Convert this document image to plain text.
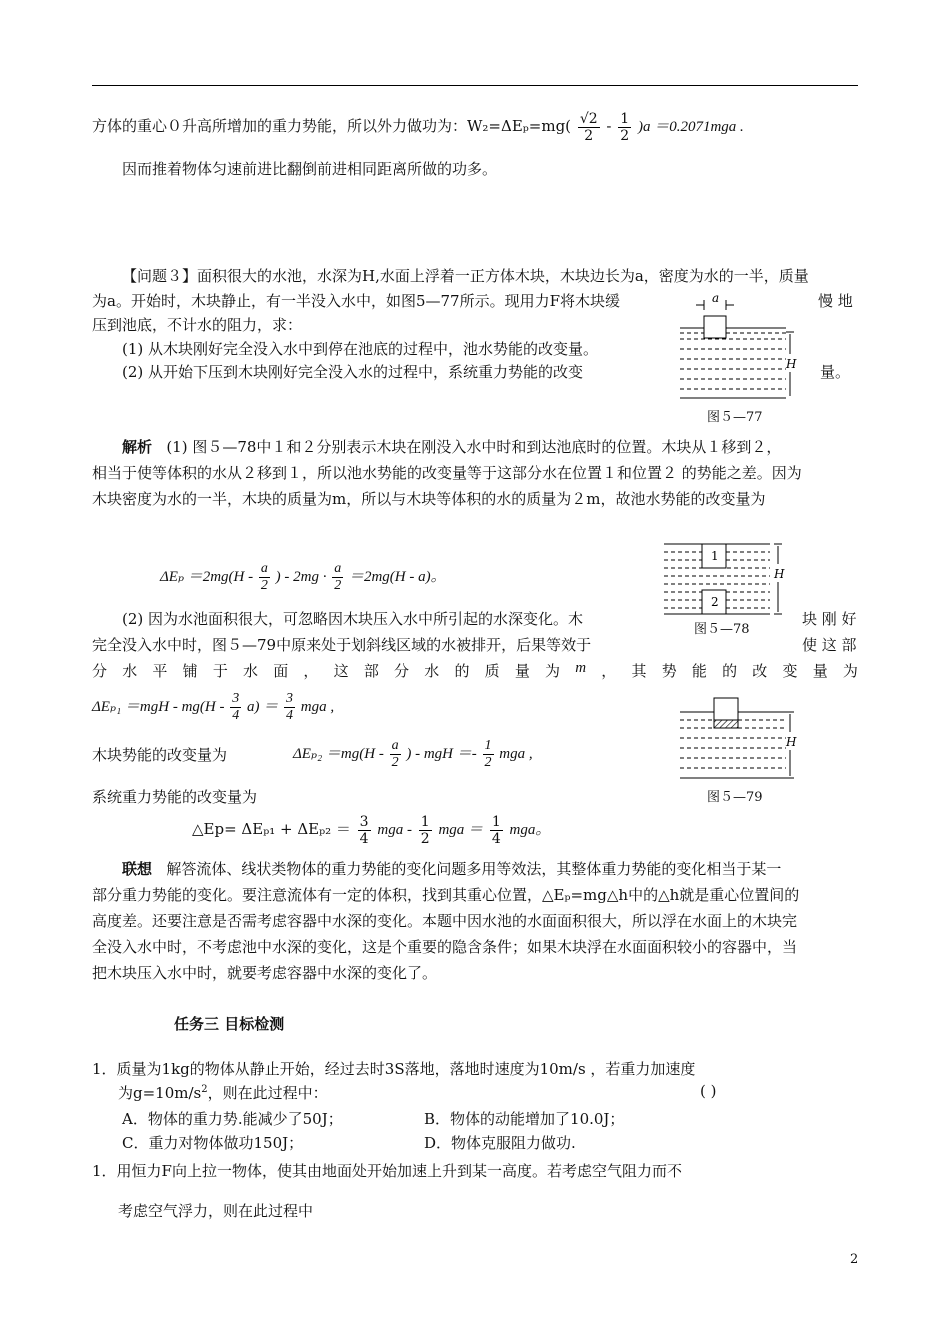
方体的重心０升高所增加的重力势能，所以外力做功为：$W_2=\Delta E_p=mg( \frac{√2}{2} - \frac{1}{2} )a =0.2071mga$ .
因而推着物体匀速前进比翻倒前进相同距离所做的功多。
【问题３】面积很大的水池，水深为H,水面上浮着一正方体木块，木块边长为a，密度为水的一半，质量
为a。开始时，木块静止，有一半没入水中，如图5—77所示。现用力F将木块缓	慢 地
压到池底，不计水的阻力，求：
(1) 从木块刚好完全没入水中到停在池底的过程中，池水势能的改变量。
(2) 从开始下压到木块刚好完全没入水的过程中，系统重力势能的改变	量。
a
H
图５—77
解析 (1) 图５—78中１和２分别表示木块在刚没入水中时和到达池底时的位置。木块从１移到２，
相当于使等体积的水从２移到１，所以池水势能的改变量等于这部分水在位置１和位置２ 的势能之差。因为
木块密度为水的一半，木块的质量为m，所以与木块等体积的水的质量为２m，故池水势能的改变量为
$\Delta E_p =2mg(H - \frac{a}{2}$ ) - $2mg \cdot \frac{a}{2} =2mg(H - a)$。
1
2
H
图５—78
(2) 因为水池面积很大，可忽略因木块压入水中所引起的水深变化。木	块 刚 好
完全没入水中时，图５—79中原来处于划斜线区域的水被排开，后果等效于	使 这 部
分 水 平 铺 于 水 面 ， 这 部 分 水 的 质 量 为 m ， 其 势 能 的 改 变 量 为
$\Delta E_{p1} =mgH - mg(H - \frac{3}{4} a) = \frac{3}{4}$ mga ,
H
图５—79
木块势能的改变量为	$\Delta E_{p2} =mg(H - \frac{a}{2}$ ) - mgH ＝- $\frac{1}{2}$ mga ,
系统重力势能的改变量为
△Ep= $\Delta E_{p1} + \Delta E_{p2} = \frac{3}{4}$ mga - $\frac{1}{2}$ mga ＝ $\frac{1}{4}$ mga。
联想 解答流体、线状类物体的重力势能的变化问题多用等效法，其整体重力势能的变化相当于某一
部分重力势能的变化。要注意流体有一定的体积，找到其重心位置，△Eₚ=mg△h中的△h就是重心位置间的
高度差。还要注意是否需考虑容器中水深的变化。本题中因水池的水面面积很大，所以浮在水面上的木块完
全没入水中时，不考虑池中水深的变化，这是个重要的隐含条件；如果木块浮在水面面积较小的容器中，当
把木块压入水中时，就要考虑容器中水深的变化了。
任务三 目标检测
1．质量为1kg的物体从静止开始，经过去时3S落地，落地时速度为10m/s ，若重力加速度
为$g=10m/s^2$，则在此过程中：	( )
A．物体的重力势.能减少了50J；	B．物体的动能增加了10.0J；
C．重力对物体做功150J；	D．物体克服阻力做功.
1．用恒力F向上拉一物体，使其由地面处开始加速上升到某一高度。若考虑空气阻力而不
考虑空气浮力，则在此过程中
2
